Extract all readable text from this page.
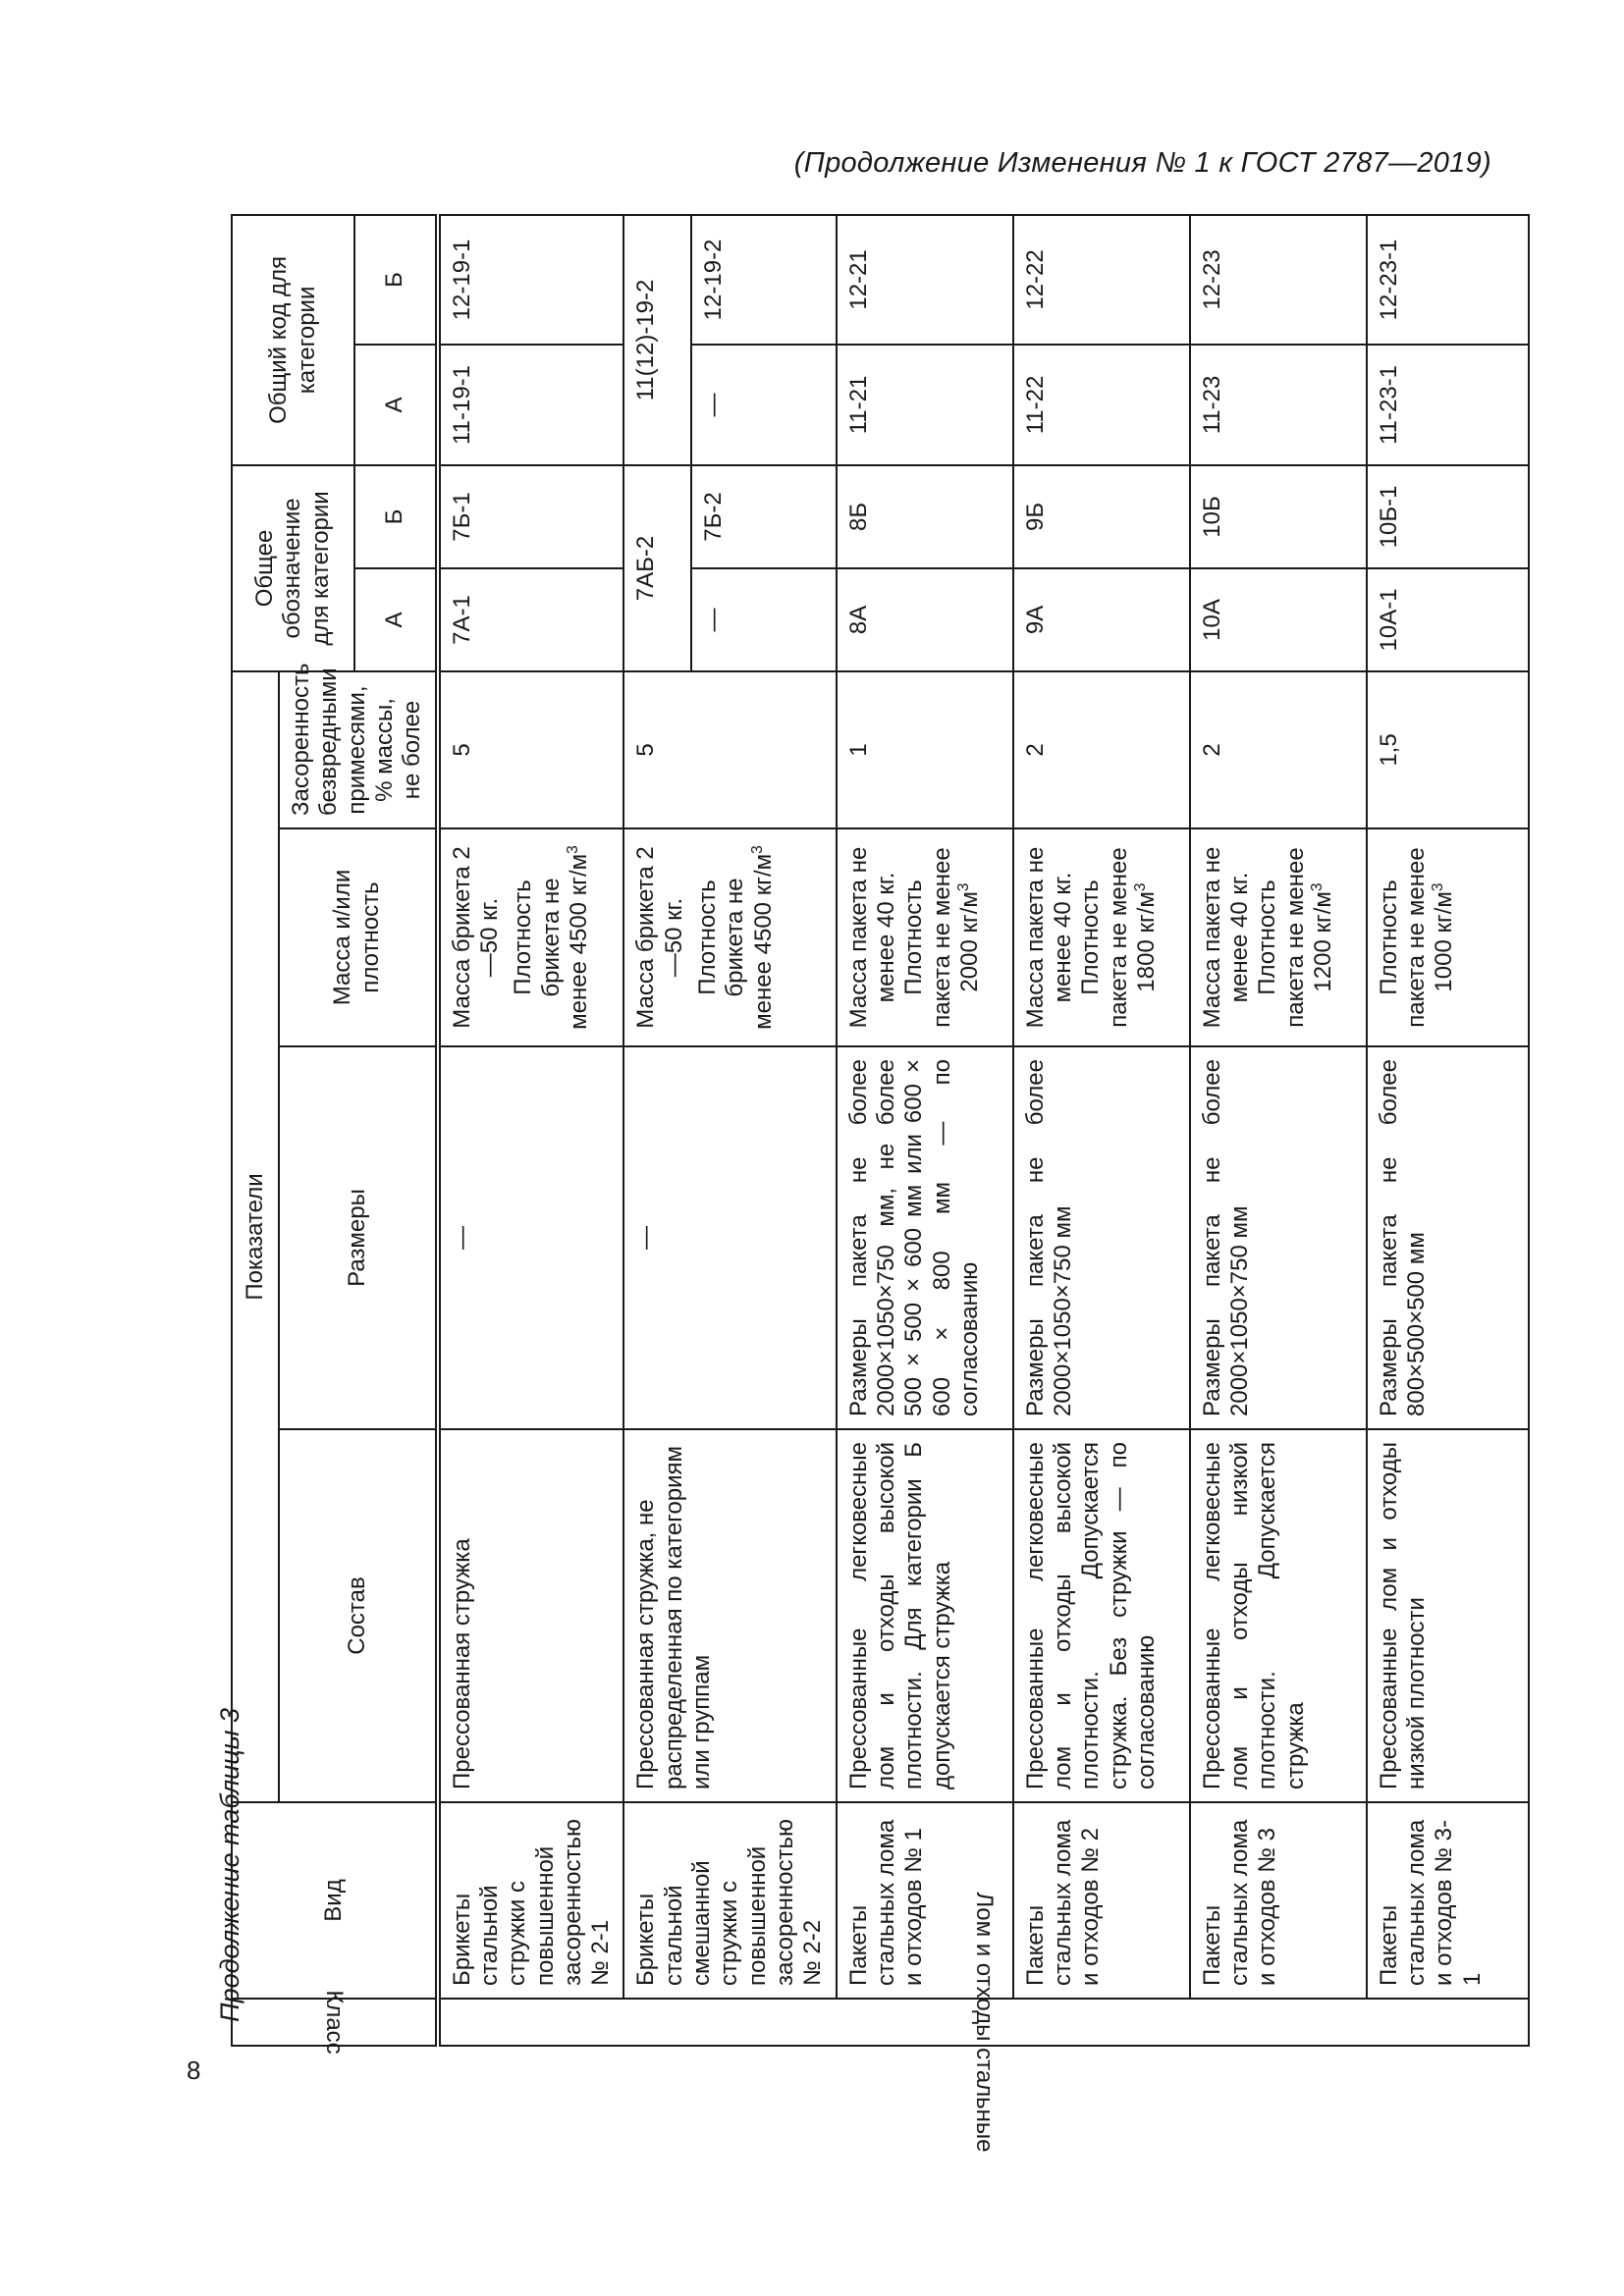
(Продолжение Изменения № 1 к ГОСТ 2787—2019)
Продолжение таблицы 3
8
Класс	Вид	Показатели				Общее обозначение для категории		Общий код для категории	
		Состав	Размеры	Масса и/или плотность	Засоренность безвредными примесями, % массы, не более				
						А	Б	А	Б

Лом и отходы стальные	Брикеты стальной стружки с повышенной засоренностью № 2-1	Прессованная стружка	—	Масса брикета 2—50 кг. Плотность брикета не менее 4500 $кг/м^3$	5	7А-1	7Б-1	11-19-1	12-19-1
	Брикеты стальной смешанной стружки с повышенной засоренностью № 2-2	Прессованная стружка, не распределенная по категориям или группам	—	Масса брикета 2—50 кг. Плотность брикета не менее 4500 $кг/м^3$	5	7АБ-2		11(12)-19-2	
						—	7Б-2	—	12-19-2
	Пакеты стальных лома и отходов № 1	Прессованные легковесные лом и отходы высокой плотности. Для категории Б допускается стружка	Размеры пакета не более 2000×1050×750 мм, не более 500 × 500 × 600 мм или 600 × 600 × 800 мм — по согласованию	Масса пакета не менее 40 кг. Плотность пакета не менее 2000 $кг/м^3$	1	8А	8Б	11-21	12-21
	Пакеты стальных лома и отходов № 2	Прессованные легковесные лом и отходы высокой плотности. Допускается стружка. Без стружки — по согласованию	Размеры пакета не более 2000×1050×750 мм	Масса пакета не менее 40 кг. Плотность пакета не менее 1800 $кг/м^3$	2	9А	9Б	11-22	12-22
	Пакеты стальных лома и отходов № 3	Прессованные легковесные лом и отходы низкой плотности. Допускается стружка	Размеры пакета не более 2000×1050×750 мм	Масса пакета не менее 40 кг. Плотность пакета не менее 1200 $кг/м^3$	2	10А	10Б	11-23	12-23
	Пакеты стальных лома и отходов № 3-1	Прессованные лом и отходы низкой плотности	Размеры пакета не более 800×500×500 мм	Плотность пакета не менее 1000 $кг/м^3$	1,5	10А-1	10Б-1	11-23-1	12-23-1
